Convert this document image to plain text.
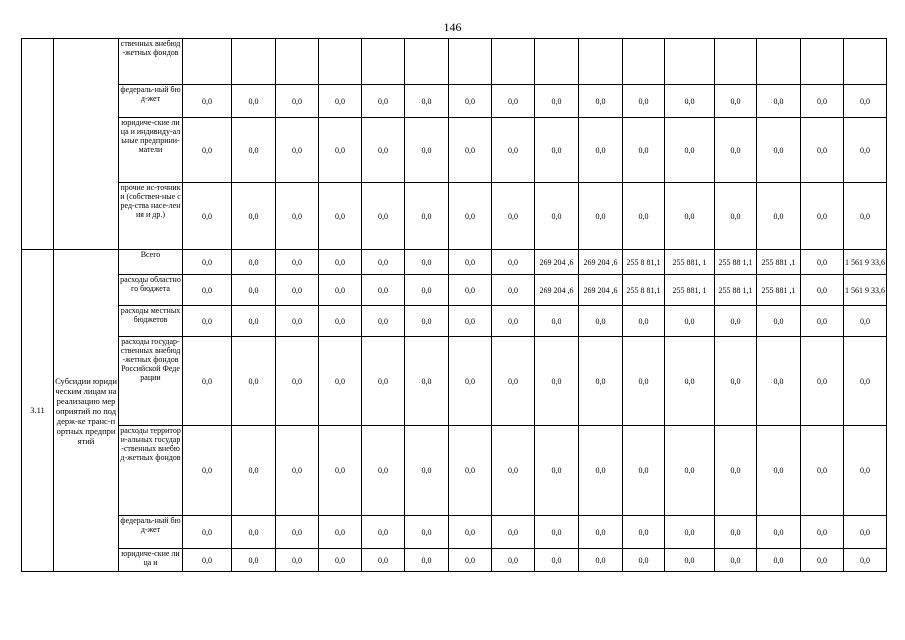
146
		ственных внебюд-жетных фондов																
		федераль-ный бюд-жет	0,0	0,0	0,0	0,0	0,0	0,0	0,0	0,0	0,0	0,0	0,0	0,0	0,0	0,0	0,0	0,0
		юридиче-ские лица и индивиду-альные предприни-матели	0,0	0,0	0,0	0,0	0,0	0,0	0,0	0,0	0,0	0,0	0,0	0,0	0,0	0,0	0,0	0,0
		прочие ис-точники (собствен-ные сред-ства насе-ления и др.)	0,0	0,0	0,0	0,0	0,0	0,0	0,0	0,0	0,0	0,0	0,0	0,0	0,0	0,0	0,0	0,0
3.11	Субсидии юридическим лицам на реализацию мероприятий по поддерж-ке транс-портных предприятий	Всего	0,0	0,0	0,0	0,0	0,0	0,0	0,0	0,0	269 204 ,6	269 204 ,6	255 8 81,1	255 881, 1	255 88 1,1	255 881 ,1	0,0	1 561 9 33,6
		расходы областного бюджета	0,0	0,0	0,0	0,0	0,0	0,0	0,0	0,0	269 204 ,6	269 204 ,6	255 8 81,1	255 881, 1	255 88 1,1	255 881 ,1	0,0	1 561 9 33,6
		расходы местных бюджетов	0,0	0,0	0,0	0,0	0,0	0,0	0,0	0,0	0,0	0,0	0,0	0,0	0,0	0,0	0,0	0,0
		расходы государ-ственных внебюд-жетных фондов Российской Федерации	0,0	0,0	0,0	0,0	0,0	0,0	0,0	0,0	0,0	0,0	0,0	0,0	0,0	0,0	0,0	0,0
		расходы территори-альных государ-ственных внебюд-жетных фондов	0,0	0,0	0,0	0,0	0,0	0,0	0,0	0,0	0,0	0,0	0,0	0,0	0,0	0,0	0,0	0,0
		федераль-ный бюд-жет	0,0	0,0	0,0	0,0	0,0	0,0	0,0	0,0	0,0	0,0	0,0	0,0	0,0	0,0	0,0	0,0
		юридиче-ские лица и	0,0	0,0	0,0	0,0	0,0	0,0	0,0	0,0	0,0	0,0	0,0	0,0	0,0	0,0	0,0	0,0
